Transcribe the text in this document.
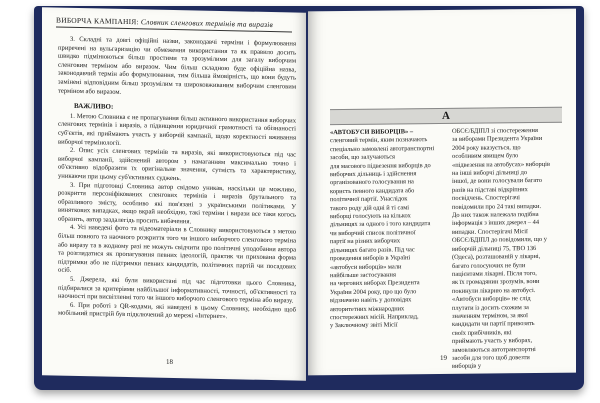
ВИБОРЧА КАМПАНІЯ: Словник сленгових термінів та виразів

3. Складні та довгі офіційні назви, законодавчі терміни і формулювання приречені на вульгаризацію чи обмеження використання та як правило досить швидко підмінюються більш простими та зрозумілими для загалу виборчим сленговим терміном або виразом. Чим більш складною буде офіційна назва, законодавчий термін або формулювання, тим більша ймовірність, що вони будуть замінені відповідним більш зрозумілим та широковживаним виборчим сленговим терміном або виразом.

ВАЖЛИВО:

1. Метою Словника є не пропагування більш активного використання виборчих сленгових термінів і виразів, а підвищення юридичної грамотності та обізнаності суб'єктів, які приймають участь у виборчій кампанії, щодо коректності вживання виборчої термінології.

2. Опис усіх сленгових термінів та виразів, які використовуються під час виборчої кампанії, здійснений автором з намаганням максимально точно і об'єктивно відобразити їх оригінальне значення, сутність та характеристику, уникаючи при цьому суб'єктивних суджень.

3. При підготовці Словника автор свідомо уникав, наскільки це можливо, розкриття персоніфікованих сленгових термінів і виразів брутального та образливого змісту, особливо які пов'язані з українськими політиками. У виняткових випадках, якщо вкрай необхідно, такі терміни і вирази все таки когось образить, автор заздалегідь просить вибачення.

4. Усі наведені фото та відеоматеріали в Словнику використовуються з метою більш повного та наочного розкриття того чи іншого виборчого сленгового терміна або виразу та в жодному разі не можуть свідчити про політичні уподобання автора та розглядатися як пропагування певних ідеологій, практик чи прихована форма підтримки або не підтримки певних кандидатів, політичних партій чи посадових осіб.

5. Джерела, які були використані під час підготовки цього Словника, підбиралися за критеріями найбільшої інформативності, точності, об'єктивності та наочності при висвітленні того чи іншого виборчого сленгового терміна або виразу.

6. При роботі з QR-кодами, які наведені в цьому Словнику, необхідно щоб мобільний пристрій був підключений до мережі «Інтернет».

18
А
«АВТОБУСИ ВИБОРЦІВ» –
сленговий термін, яким позначають
спеціально замовлені автотранспортні
засоби, що залучаються
для масового підвезення виборців до
виборчих дільниць і здійснення
організованого голосування на
користь певного кандидата або
політичної партії. Унаслідок
такого роду дій одні й ті самі
виборці голосують на кількох
дільницях за одного і того кандидата
чи виборчий список політичної
партії на різних виборчих
дільницях багато разів. Під час
проведення виборів в Україні
«автобуси виборців» мали
найбільше застосування
на чергових виборах Президента
України 2004 року, про що було
відзначено навіть у доповідях
авторитетних міжнародних
спостережних місій. Наприклад,
у Заключному звіті Місії
ОБСЄ/БДІПЛ зі спостереження
за виборами Президента України
2004 року вказується, що
особливим явищем було
«підвезення на автобусах» виборців
на інші виборчі дільниці до
іншої, де вони голосували багато
разів на підставі відкріпних
посвідчень. Спостерігачі
повідомили про 24 такі випадки.
До них також належала подібна
інформація з інших джерел – 44
випадки. Спостерігачі Місії
ОБСЄ/БДІПЛ до повідомили, що у
виборчій дільниці 75, ТВО 136
(Одеса), розташованій у лікарні,
багато голосуючих не були
пацієнтами лікарні. Після того,
як їх громадянин зрозумів, вони
покинули лікарню на автобусі.
«Автобуси виборців» не слід
плутати із досить схожим за
значенням терміном, за якої
кандидати чи партії привозять
своїх прибічників, які
приймають участь у виборах,
замовляються автотранспортні
засоби для того щоб довезти
виборців у
19
